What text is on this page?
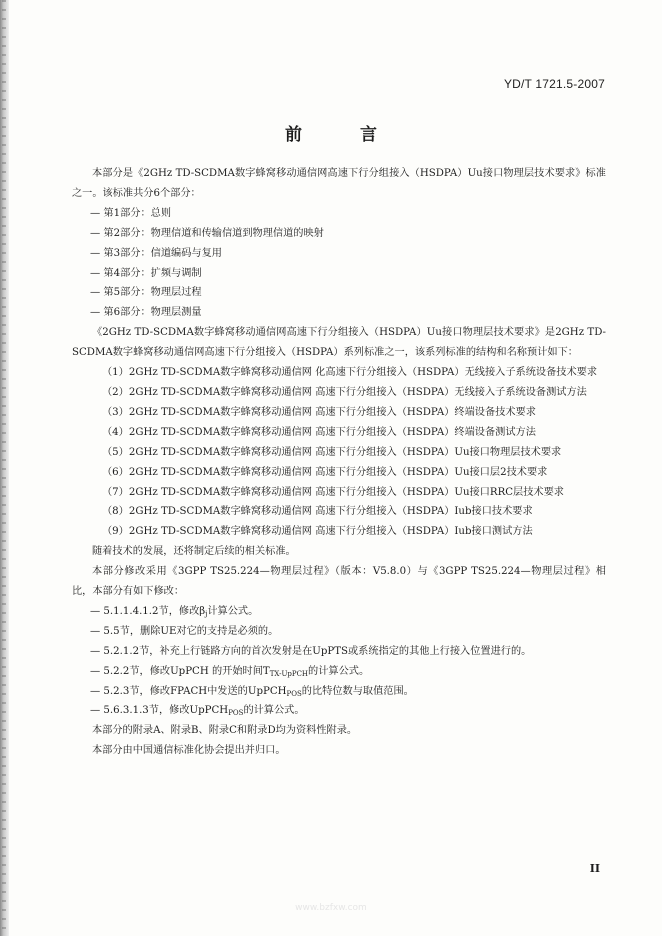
YD/T 1721.5-2007
前 言

本部分是《2GHz TD-SCDMA数字蜂窝移动通信网高速下行分组接入（HSDPA）Uu接口物理层技术要求》标准之一。该标准共分6个部分：

— 第1部分：总则

— 第2部分：物理信道和传输信道到物理信道的映射

— 第3部分：信道编码与复用

— 第4部分：扩频与调制

— 第5部分：物理层过程

— 第6部分：物理层测量

《2GHz TD-SCDMA数字蜂窝移动通信网高速下行分组接入（HSDPA）Uu接口物理层技术要求》是2GHz TD-SCDMA数字蜂窝移动通信网高速下行分组接入（HSDPA）系列标准之一，该系列标准的结构和名称预计如下：

（1）2GHz TD-SCDMA数字蜂窝移动通信网 化高速下行分组接入（HSDPA）无线接入子系统设备技术要求

（2）2GHz TD-SCDMA数字蜂窝移动通信网 高速下行分组接入（HSDPA）无线接入子系统设备测试方法

（3）2GHz TD-SCDMA数字蜂窝移动通信网 高速下行分组接入（HSDPA）终端设备技术要求

（4）2GHz TD-SCDMA数字蜂窝移动通信网 高速下行分组接入（HSDPA）终端设备测试方法

（5）2GHz TD-SCDMA数字蜂窝移动通信网 高速下行分组接入（HSDPA）Uu接口物理层技术要求

（6）2GHz TD-SCDMA数字蜂窝移动通信网 高速下行分组接入（HSDPA）Uu接口层2技术要求

（7）2GHz TD-SCDMA数字蜂窝移动通信网 高速下行分组接入（HSDPA）Uu接口RRC层技术要求

（8）2GHz TD-SCDMA数字蜂窝移动通信网 高速下行分组接入（HSDPA）Iub接口技术要求

（9）2GHz TD-SCDMA数字蜂窝移动通信网 高速下行分组接入（HSDPA）Iub接口测试方法

随着技术的发展，还将制定后续的相关标准。

本部分修改采用《3GPP TS25.224—物理层过程》（版本：V5.8.0）与《3GPP TS25.224—物理层过程》相比，本部分有如下修改：

— 5.1.1.4.1.2节，修改$\beta_j$计算公式。

— 5.5节，删除UE对它的支持是必须的。

— 5.2.1.2节，补充上行链路方向的首次发射是在UpPTS或系统指定的其他上行接入位置进行的。

— 5.2.2节，修改UpPCH 的开始时间$T_{TX-UpPCH}$的计算公式。

— 5.2.3节，修改FPACH中发送的UpPCH$_{POS}$的比特位数与取值范围。

— 5.6.3.1.3节，修改UpPCH$_{POS}$的计算公式。

本部分的附录A、附录B、附录C和附录D均为资料性附录。

本部分由中国通信标准化协会提出并归口。

II
www.bzfxw.com
